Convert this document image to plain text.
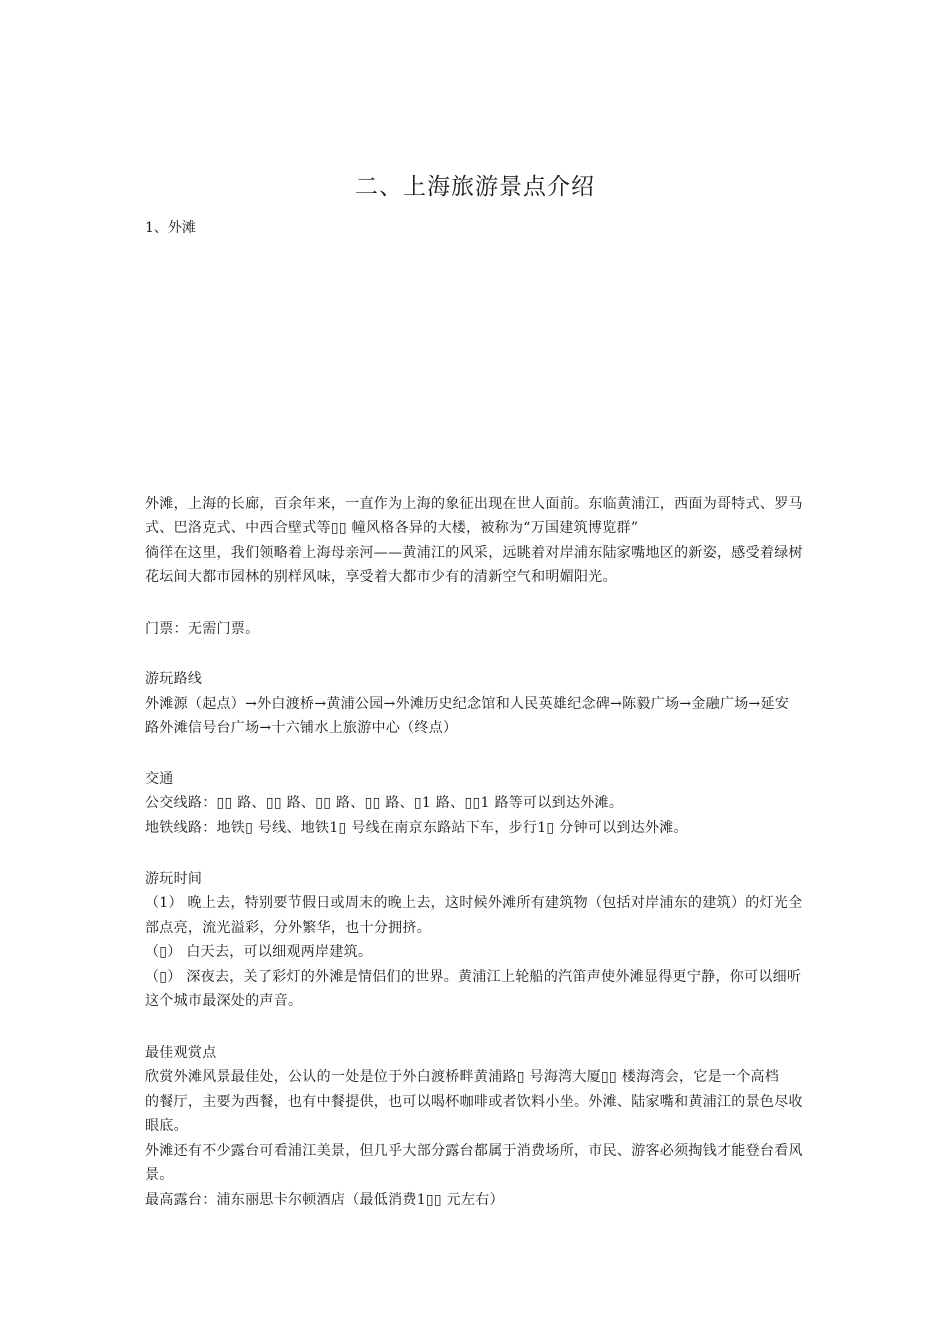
二、上海旅游景点介绍
1、外滩
外滩，上海的长廊，百余年来，一直作为上海的象征出现在世人面前。东临黄浦江，西面为哥特式、罗马
式、巴洛克式、中西合壁式等▯▯ 幢风格各异的大楼，被称为“万国建筑博览群”
徜徉在这里，我们领略着上海母亲河——黄浦江的风采，远眺着对岸浦东陆家嘴地区的新姿，感受着绿树
花坛间大都市园林的别样风味，享受着大都市少有的清新空气和明媚阳光。
门票：无需门票。
游玩路线
外滩源（起点）→外白渡桥→黄浦公园→外滩历史纪念馆和人民英雄纪念碑→陈毅广场→金融广场→延安
路外滩信号台广场→十六铺水上旅游中心（终点）
交通
公交线路：▯▯ 路、▯▯ 路、▯▯ 路、▯▯ 路、▯1 路、▯▯1 路等可以到达外滩。
地铁线路：地铁▯ 号线、地铁1▯ 号线在南京东路站下车，步行1▯ 分钟可以到达外滩。
游玩时间
（1） 晚上去，特别要节假日或周末的晚上去，这时候外滩所有建筑物（包括对岸浦东的建筑）的灯光全
部点亮，流光溢彩，分外繁华，也十分拥挤。
（▯） 白天去，可以细观两岸建筑。
（▯） 深夜去，关了彩灯的外滩是情侣们的世界。黄浦江上轮船的汽笛声使外滩显得更宁静，你可以细听
这个城市最深处的声音。
最佳观赏点
欣赏外滩风景最佳处，公认的一处是位于外白渡桥畔黄浦路▯ 号海湾大厦▯▯ 楼海湾会，它是一个高档
的餐厅，主要为西餐，也有中餐提供，也可以喝杯咖啡或者饮料小坐。外滩、陆家嘴和黄浦江的景色尽收
眼底。
外滩还有不少露台可看浦江美景，但几乎大部分露台都属于消费场所，市民、游客必须掏钱才能登台看风
景。
最高露台：浦东丽思卡尔顿酒店（最低消费1▯▯ 元左右）
